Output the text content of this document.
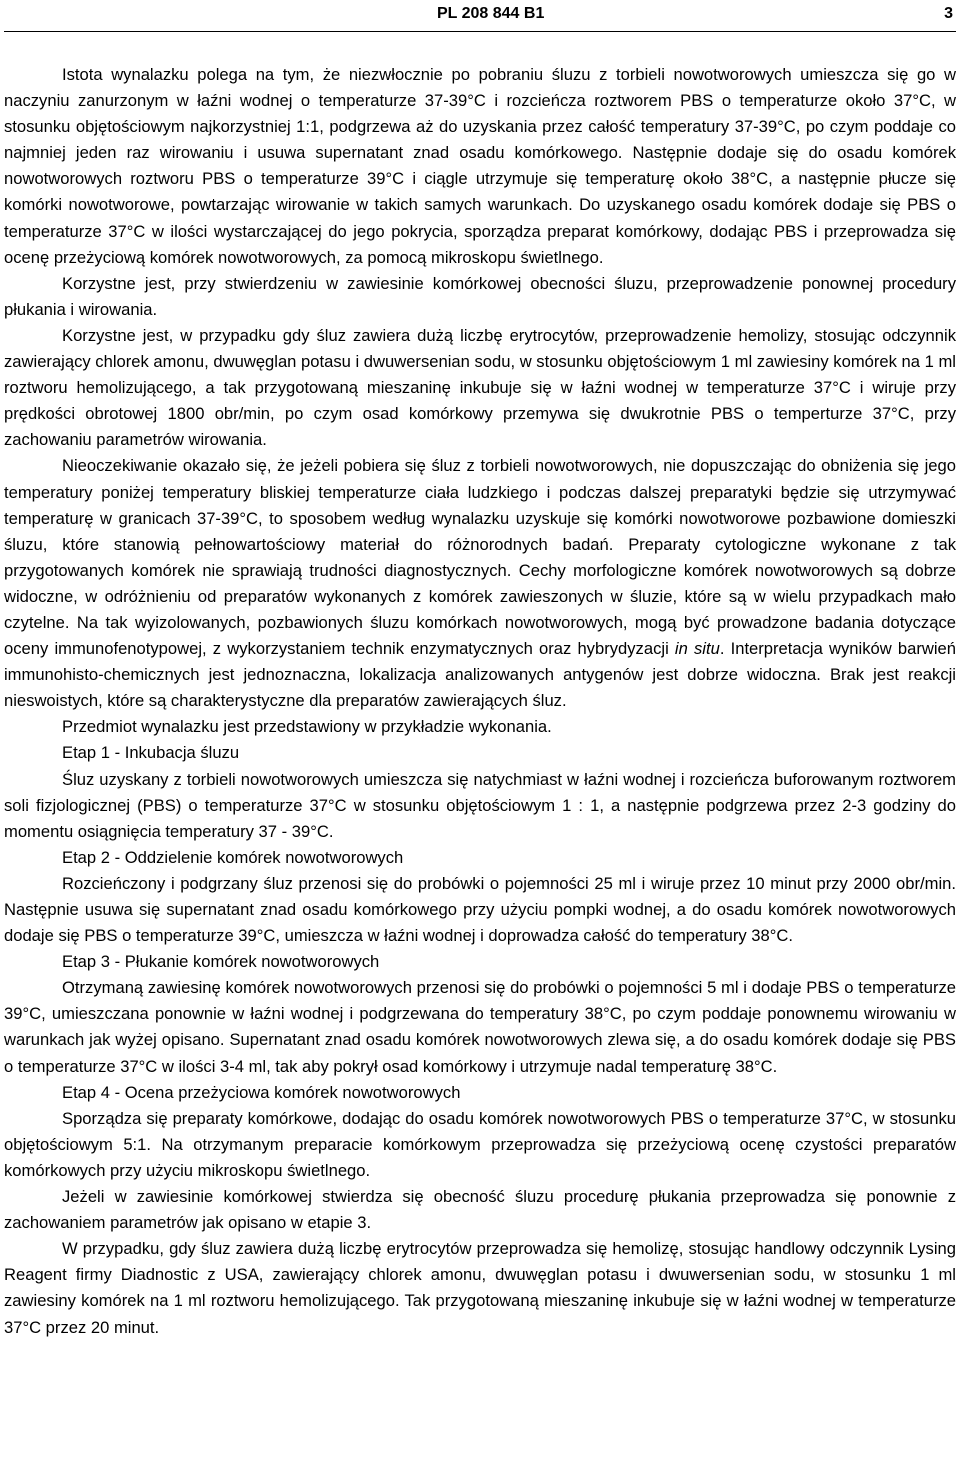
PL 208 844 B1	3

Istota wynalazku polega na tym, że niezwłocznie po pobraniu śluzu z torbieli nowotworowych umieszcza się go w naczyniu zanurzonym w łaźni wodnej o temperaturze 37-39°C i rozcieńcza roztworem PBS o temperaturze około 37°C, w stosunku objętościowym najkorzystniej 1:1, podgrzewa aż do uzyskania przez całość temperatury 37-39°C, po czym poddaje co najmniej jeden raz wirowaniu i usuwa supernatant znad osadu komórkowego. Następnie dodaje się do osadu komórek nowotworowych roztworu PBS o temperaturze 39°C i ciągle utrzymuje się temperaturę około 38°C, a następnie płucze się komórki nowotworowe, powtarzając wirowanie w takich samych warunkach. Do uzyskanego osadu komórek dodaje się PBS o temperaturze 37°C w ilości wystarczającej do jego pokrycia, sporządza preparat komórkowy, dodając PBS i przeprowadza się ocenę przeżyciową komórek nowotworowych, za pomocą mikroskopu świetlnego.

Korzystne jest, przy stwierdzeniu w zawiesinie komórkowej obecności śluzu, przeprowadzenie ponownej procedury płukania i wirowania.

Korzystne jest, w przypadku gdy śluz zawiera dużą liczbę erytrocytów, przeprowadzenie hemolizy, stosując odczynnik zawierający chlorek amonu, dwuwęglan potasu i dwuwersenian sodu, w stosunku objętościowym 1 ml zawiesiny komórek na 1 ml roztworu hemolizującego, a tak przygotowaną mieszaninę inkubuje się w łaźni wodnej w temperaturze 37°C i wiruje przy prędkości obrotowej 1800 obr/min, po czym osad komórkowy przemywa się dwukrotnie PBS o temperturze 37°C, przy zachowaniu parametrów wirowania.

Nieoczekiwanie okazało się, że jeżeli pobiera się śluz z torbieli nowotworowych, nie dopuszczając do obniżenia się jego temperatury poniżej temperatury bliskiej temperaturze ciała ludzkiego i podczas dalszej preparatyki będzie się utrzymywać temperaturę w granicach 37-39°C, to sposobem według wynalazku uzyskuje się komórki nowotworowe pozbawione domieszki śluzu, które stanowią pełnowartościowy materiał do różnorodnych badań. Preparaty cytologiczne wykonane z tak przygotowanych komórek nie sprawiają trudności diagnostycznych. Cechy morfologiczne komórek nowotworowych są dobrze widoczne, w odróżnieniu od preparatów wykonanych z komórek zawieszonych w śluzie, które są w wielu przypadkach mało czytelne. Na tak wyizolowanych, pozbawionych śluzu komórkach nowotworowych, mogą być prowadzone badania dotyczące oceny immunofenotypowej, z wykorzystaniem technik enzymatycznych oraz hybrydyzacji in situ. Interpretacja wyników barwień immunohisto-chemicznych jest jednoznaczna, lokalizacja analizowanych antygenów jest dobrze widoczna. Brak jest reakcji nieswoistych, które są charakterystyczne dla preparatów zawierających śluz.

Przedmiot wynalazku jest przedstawiony w przykładzie wykonania.

Etap 1 - Inkubacja śluzu

Śluz uzyskany z torbieli nowotworowych umieszcza się natychmiast w łaźni wodnej i rozcieńcza buforowanym roztworem soli fizjologicznej (PBS) o temperaturze 37°C w stosunku objętościowym 1 : 1, a następnie podgrzewa przez 2-3 godziny do momentu osiągnięcia temperatury 37 - 39°C.

Etap 2 - Oddzielenie komórek nowotworowych

Rozcieńczony i podgrzany śluz przenosi się do probówki o pojemności 25 ml i wiruje przez 10 minut przy 2000 obr/min. Następnie usuwa się supernatant znad osadu komórkowego przy użyciu pompki wodnej, a do osadu komórek nowotworowych dodaje się PBS o temperaturze 39°C, umieszcza w łaźni wodnej i doprowadza całość do temperatury 38°C.

Etap 3 - Płukanie komórek nowotworowych

Otrzymaną zawiesinę komórek nowotworowych przenosi się do probówki o pojemności 5 ml i dodaje PBS o temperaturze 39°C, umieszczana ponownie w łaźni wodnej i podgrzewana do temperatury 38°C, po czym poddaje ponownemu wirowaniu w warunkach jak wyżej opisano. Supernatant znad osadu komórek nowotworowych zlewa się, a do osadu komórek dodaje się PBS o temperaturze 37°C w ilości 3-4 ml, tak aby pokrył osad komórkowy i utrzymuje nadal temperaturę 38°C.

Etap 4 - Ocena przeżyciowa komórek nowotworowych

Sporządza się preparaty komórkowe, dodając do osadu komórek nowotworowych PBS o temperaturze 37°C, w stosunku objętościowym 5:1. Na otrzymanym preparacie komórkowym przeprowadza się przeżyciową ocenę czystości preparatów komórkowych przy użyciu mikroskopu świetlnego.

Jeżeli w zawiesinie komórkowej stwierdza się obecność śluzu procedurę płukania przeprowadza się ponownie z zachowaniem parametrów jak opisano w etapie 3.

W przypadku, gdy śluz zawiera dużą liczbę erytrocytów przeprowadza się hemolizę, stosując handlowy odczynnik Lysing Reagent firmy Diadnostic z USA, zawierający chlorek amonu, dwuwęglan potasu i dwuwersenian sodu, w stosunku 1 ml zawiesiny komórek na 1 ml roztworu hemolizującego. Tak przygotowaną mieszaninę inkubuje się w łaźni wodnej w temperaturze 37°C przez 20 minut.
